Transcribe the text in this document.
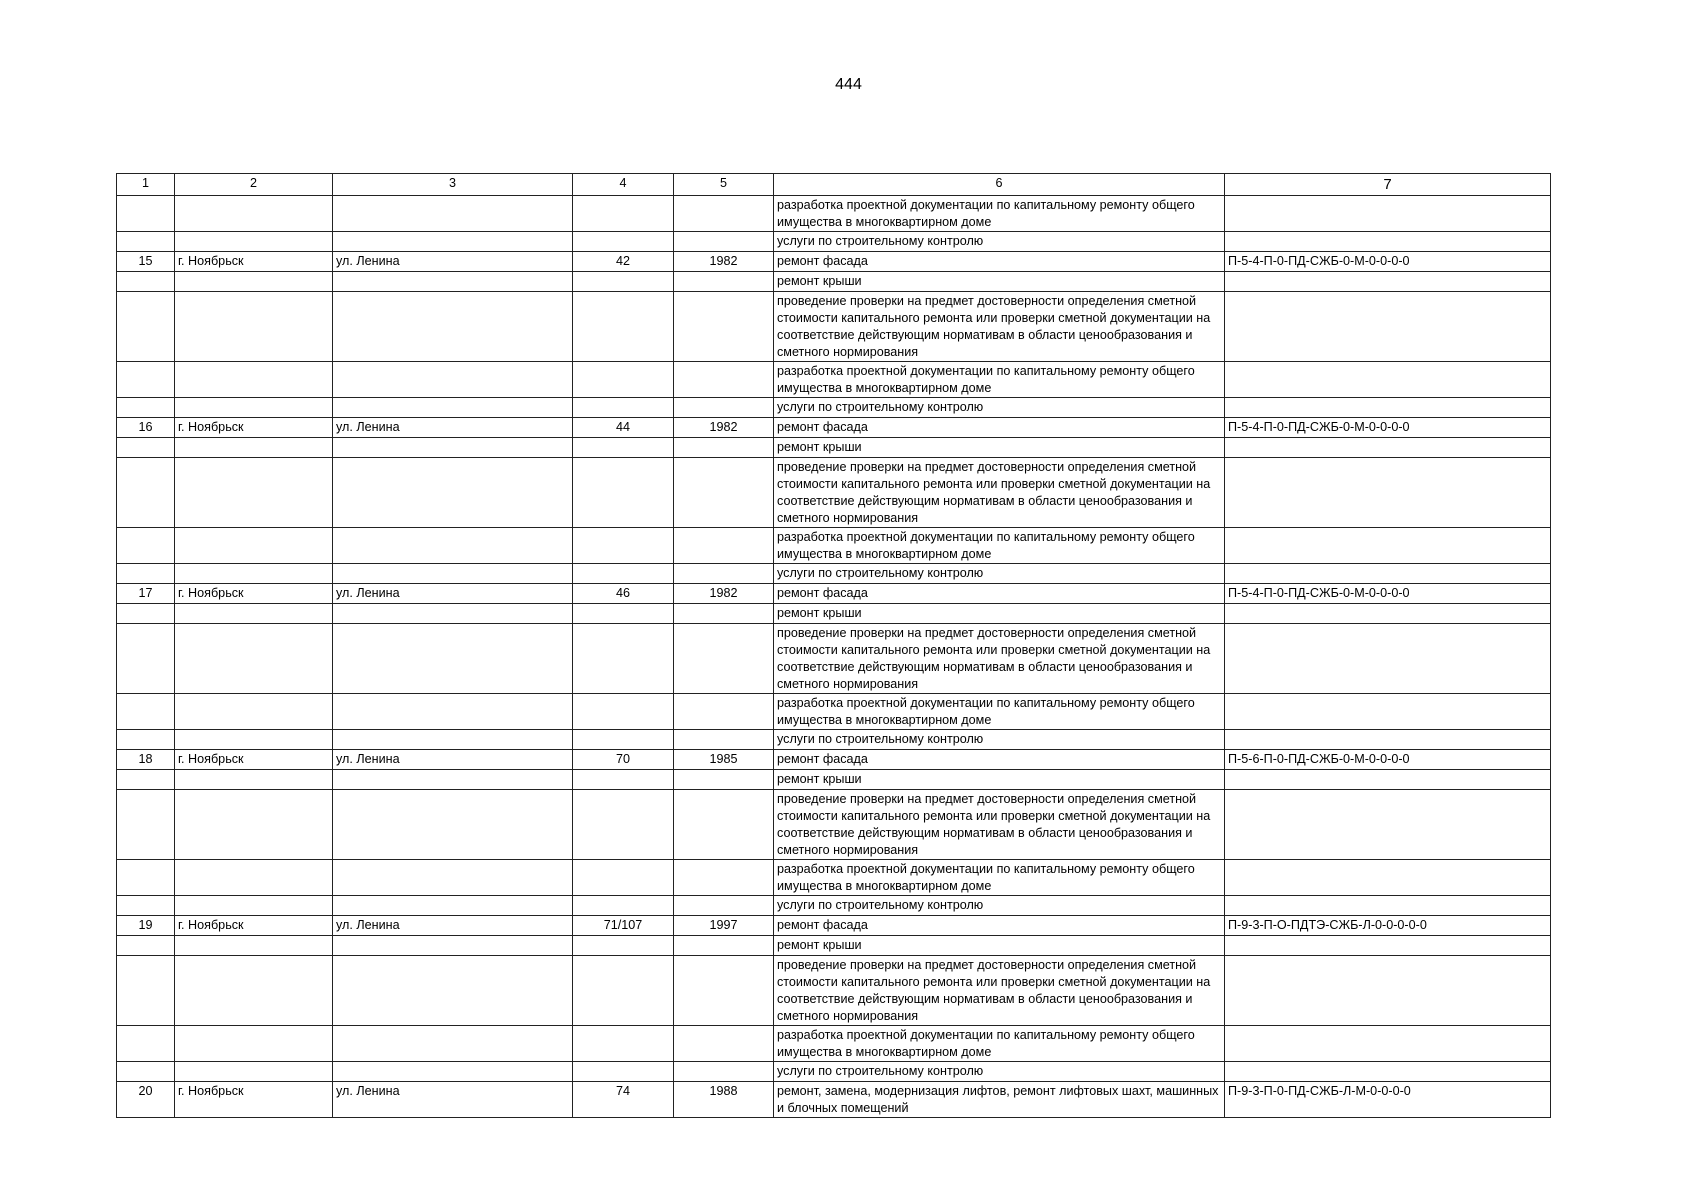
444
1	2	3	4	5	6	7
					разработка проектной документации по капитальному ремонту общего имущества в многоквартирном доме	
					услуги по строительному контролю	
15	г. Ноябрьск	ул. Ленина	42	1982	ремонт фасада	П-5-4-П-0-ПД-СЖБ-0-М-0-0-0-0
					ремонт крыши	
					проведение проверки на предмет достоверности определения сметной стоимости капитального ремонта или проверки сметной документации на соответствие действующим нормативам в области ценообразования и сметного нормирования	
					разработка проектной документации по капитальному ремонту общего имущества в многоквартирном доме	
					услуги по строительному контролю	
16	г. Ноябрьск	ул. Ленина	44	1982	ремонт фасада	П-5-4-П-0-ПД-СЖБ-0-М-0-0-0-0
					ремонт крыши	
					проведение проверки на предмет достоверности определения сметной стоимости капитального ремонта или проверки сметной документации на соответствие действующим нормативам в области ценообразования и сметного нормирования	
					разработка проектной документации по капитальному ремонту общего имущества в многоквартирном доме	
					услуги по строительному контролю	
17	г. Ноябрьск	ул. Ленина	46	1982	ремонт фасада	П-5-4-П-0-ПД-СЖБ-0-М-0-0-0-0
					ремонт крыши	
					проведение проверки на предмет достоверности определения сметной стоимости капитального ремонта или проверки сметной документации на соответствие действующим нормативам в области ценообразования и сметного нормирования	
					разработка проектной документации по капитальному ремонту общего имущества в многоквартирном доме	
					услуги по строительному контролю	
18	г. Ноябрьск	ул. Ленина	70	1985	ремонт фасада	П-5-6-П-0-ПД-СЖБ-0-М-0-0-0-0
					ремонт крыши	
					проведение проверки на предмет достоверности определения сметной стоимости капитального ремонта или проверки сметной документации на соответствие действующим нормативам в области ценообразования и сметного нормирования	
					разработка проектной документации по капитальному ремонту общего имущества в многоквартирном доме	
					услуги по строительному контролю	
19	г. Ноябрьск	ул. Ленина	71/107	1997	ремонт фасада	П-9-3-П-О-ПДТЭ-СЖБ-Л-0-0-0-0-0
					ремонт крыши	
					проведение проверки на предмет достоверности определения сметной стоимости капитального ремонта или проверки сметной документации на соответствие действующим нормативам в области ценообразования и сметного нормирования	
					разработка проектной документации по капитальному ремонту общего имущества в многоквартирном доме	
					услуги по строительному контролю	
20	г. Ноябрьск	ул. Ленина	74	1988	ремонт, замена, модернизация лифтов, ремонт лифтовых шахт, машинных и блочных помещений	П-9-3-П-0-ПД-СЖБ-Л-М-0-0-0-0
